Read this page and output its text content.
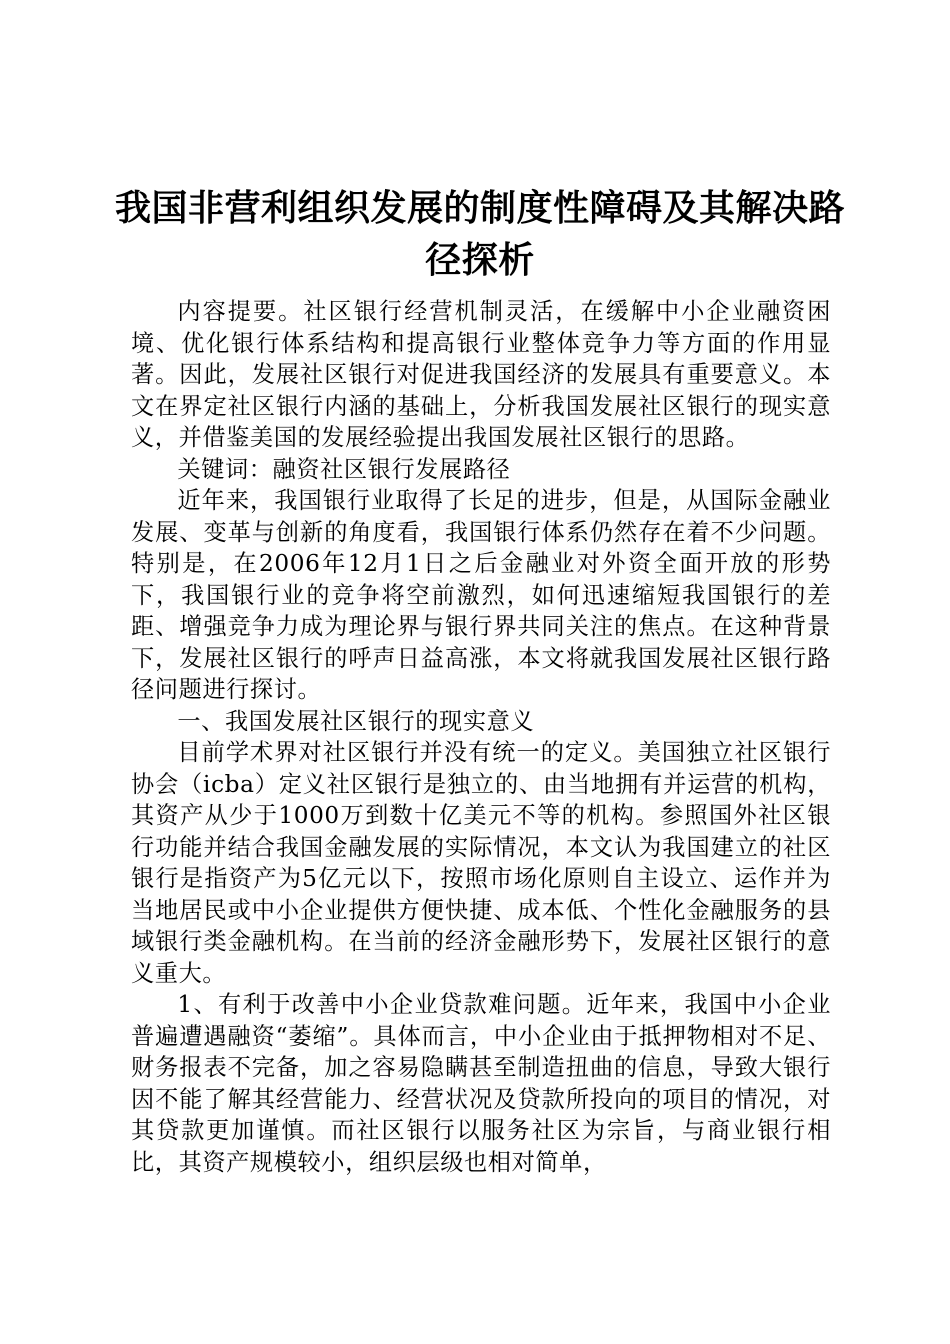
我国非营利组织发展的制度性障碍及其解决路径探析

内容提要。社区银行经营机制灵活，在缓解中小企业融资困境、优化银行体系结构和提高银行业整体竞争力等方面的作用显著。因此，发展社区银行对促进我国经济的发展具有重要意义。本文在界定社区银行内涵的基础上，分析我国发展社区银行的现实意义，并借鉴美国的发展经验提出我国发展社区银行的思路。

关键词：融资社区银行发展路径

近年来，我国银行业取得了长足的进步，但是，从国际金融业发展、变革与创新的角度看，我国银行体系仍然存在着不少问题。特别是，在2006年12月1日之后金融业对外资全面开放的形势下，我国银行业的竞争将空前激烈，如何迅速缩短我国银行的差距、增强竞争力成为理论界与银行界共同关注的焦点。在这种背景下，发展社区银行的呼声日益高涨，本文将就我国发展社区银行路径问题进行探讨。

一、我国发展社区银行的现实意义

目前学术界对社区银行并没有统一的定义。美国独立社区银行协会（icba）定义社区银行是独立的、由当地拥有并运营的机构，其资产从少于1000万到数十亿美元不等的机构。参照国外社区银行功能并结合我国金融发展的实际情况，本文认为我国建立的社区银行是指资产为5亿元以下，按照市场化原则自主设立、运作并为当地居民或中小企业提供方便快捷、成本低、个性化金融服务的县域银行类金融机构。在当前的经济金融形势下，发展社区银行的意义重大。

1、有利于改善中小企业贷款难问题。近年来，我国中小企业普遍遭遇融资“萎缩”。具体而言，中小企业由于抵押物相对不足、财务报表不完备，加之容易隐瞒甚至制造扭曲的信息，导致大银行因不能了解其经营能力、经营状况及贷款所投向的项目的情况，对其贷款更加谨慎。而社区银行以服务社区为宗旨，与商业银行相比，其资产规模较小，组织层级也相对简单，
